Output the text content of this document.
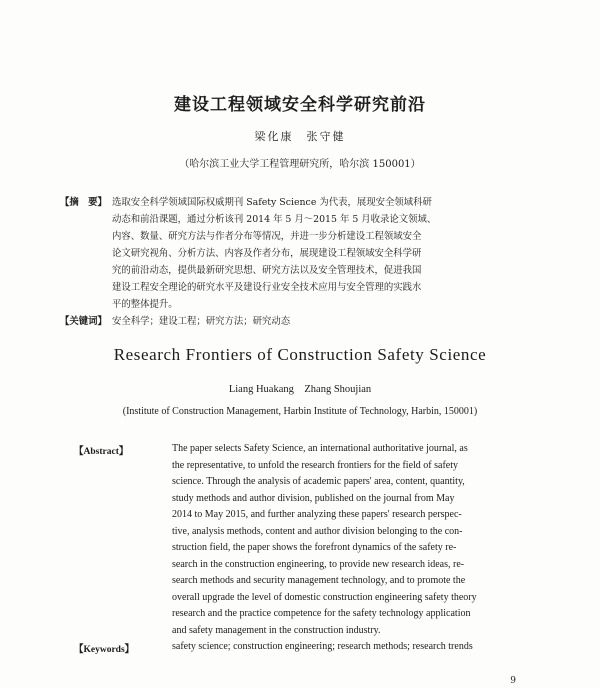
建设工程领域安全科学研究前沿
梁化康　张守健
（哈尔滨工业大学工程管理研究所，哈尔滨 150001）
【摘　要】 选取安全科学领域国际权威期刊 Safety Science 为代表，展现安全领域科研
动态和前沿课题，通过分析该刊 2014 年 5 月～2015 年 5 月收录论文领域、
内容、数量、研究方法与作者分布等情况，并进一步分析建设工程领域安全
论文研究视角、分析方法、内容及作者分布，展现建设工程领域安全科学研
究的前沿动态，提供最新研究思想、研究方法以及安全管理技术，促进我国
建设工程安全理论的研究水平及建设行业安全技术应用与安全管理的实践水
平的整体提升。
【关键词】 安全科学；建设工程；研究方法；研究动态
Research Frontiers of Construction Safety Science
Liang Huakang　Zhang Shoujian
(Institute of Construction Management, Harbin Institute of Technology, Harbin, 150001)
【Abstract】	The paper selects Safety Science, an international authoritative journal, as
the representative, to unfold the research frontiers for the field of safety
science. Through the analysis of academic papers' area, content, quantity,
study methods and author division, published on the journal from May
2014 to May 2015, and further analyzing these papers' research perspec-
tive, analysis methods, content and author division belonging to the con-
struction field, the paper shows the forefront dynamics of the safety re-
search in the construction engineering, to provide new research ideas, re-
search methods and security management technology, and to promote the
overall upgrade the level of domestic construction engineering safety theory
research and the practice competence for the safety technology application
and safety management in the construction industry.
【Keywords】	safety science; construction engineering; research methods; research trends
9
